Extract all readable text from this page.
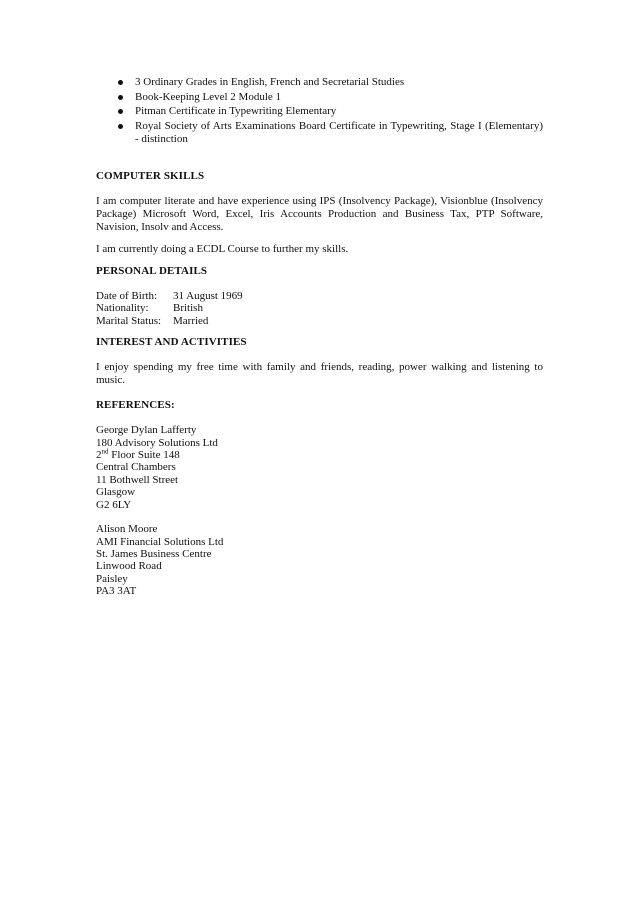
3 Ordinary Grades in English, French and Secretarial Studies
Book-Keeping Level 2 Module 1
Pitman Certificate in Typewriting Elementary
Royal Society of Arts Examinations Board Certificate in Typewriting, Stage I (Elementary) - distinction

COMPUTER SKILLS

I am computer literate and have experience using IPS (Insolvency Package), Visionblue (Insolvency Package) Microsoft Word, Excel, Iris Accounts Production and Business Tax, PTP Software, Navision, Insolv and Access.

I am currently doing a ECDL Course to further my skills.

PERSONAL DETAILS

Date of Birth:	31 August 1969
Nationality:	British
Marital Status:	Married

INTEREST AND ACTIVITIES

I enjoy spending my free time with family and friends, reading, power walking and listening to music.

REFERENCES:

George Dylan Lafferty

180 Advisory Solutions Ltd

2nd Floor Suite 148

Central Chambers

11 Bothwell Street

Glasgow

G2 6LY

Alison Moore

AMI Financial Solutions Ltd

St. James Business Centre

Linwood Road

Paisley

PA3 3AT
